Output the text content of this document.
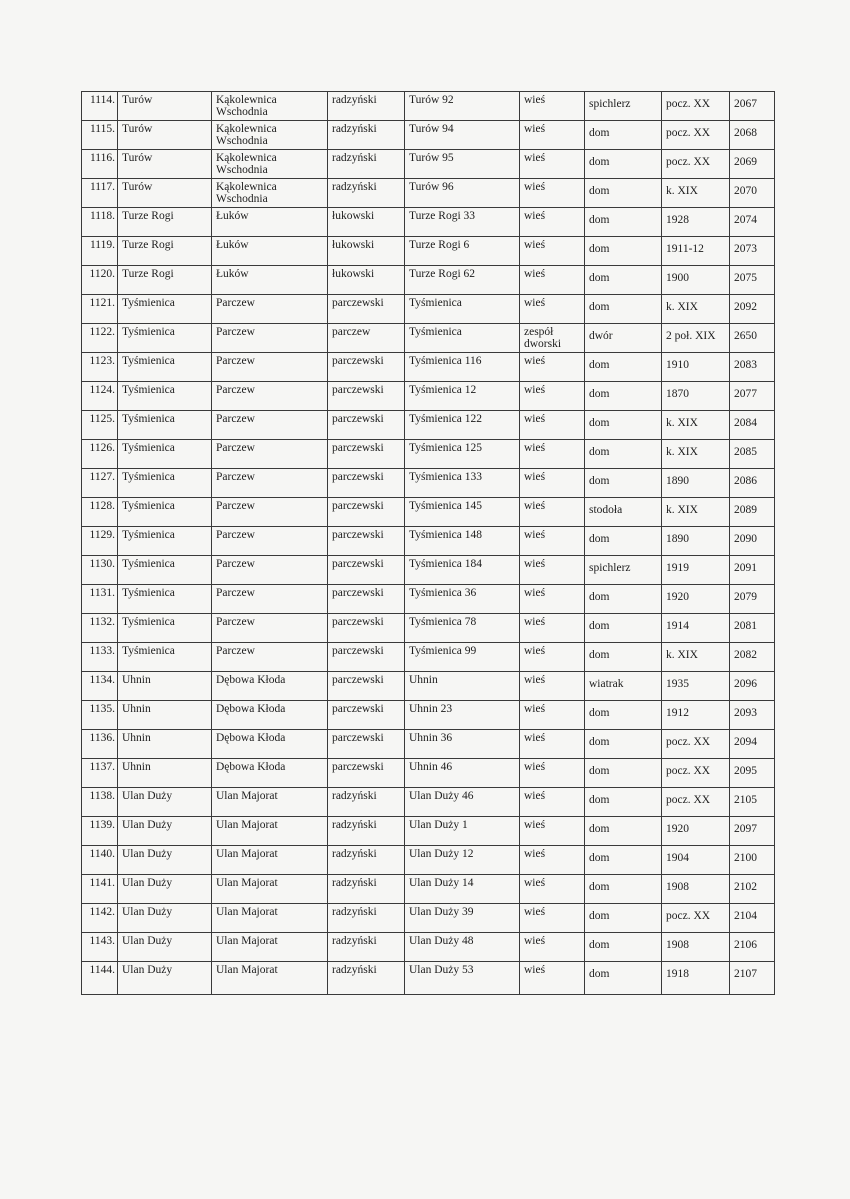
1114.	Turów	Kąkolewnica Wschodnia	radzyński	Turów 92	wieś	spichlerz	pocz. XX	2067
1115.	Turów	Kąkolewnica Wschodnia	radzyński	Turów 94	wieś	dom	pocz. XX	2068
1116.	Turów	Kąkolewnica Wschodnia	radzyński	Turów 95	wieś	dom	pocz. XX	2069
1117.	Turów	Kąkolewnica Wschodnia	radzyński	Turów 96	wieś	dom	k. XIX	2070
1118.	Turze Rogi	Łuków	łukowski	Turze Rogi 33	wieś	dom	1928	2074
1119.	Turze Rogi	Łuków	łukowski	Turze Rogi 6	wieś	dom	1911-12	2073
1120.	Turze Rogi	Łuków	łukowski	Turze Rogi 62	wieś	dom	1900	2075
1121.	Tyśmienica	Parczew	parczewski	Tyśmienica	wieś	dom	k. XIX	2092
1122.	Tyśmienica	Parczew	parczew	Tyśmienica	zespół dworski	dwór	2 poł. XIX	2650
1123.	Tyśmienica	Parczew	parczewski	Tyśmienica 116	wieś	dom	1910	2083
1124.	Tyśmienica	Parczew	parczewski	Tyśmienica 12	wieś	dom	1870	2077
1125.	Tyśmienica	Parczew	parczewski	Tyśmienica 122	wieś	dom	k. XIX	2084
1126.	Tyśmienica	Parczew	parczewski	Tyśmienica 125	wieś	dom	k. XIX	2085
1127.	Tyśmienica	Parczew	parczewski	Tyśmienica 133	wieś	dom	1890	2086
1128.	Tyśmienica	Parczew	parczewski	Tyśmienica 145	wieś	stodoła	k. XIX	2089
1129.	Tyśmienica	Parczew	parczewski	Tyśmienica 148	wieś	dom	1890	2090
1130.	Tyśmienica	Parczew	parczewski	Tyśmienica 184	wieś	spichlerz	1919	2091
1131.	Tyśmienica	Parczew	parczewski	Tyśmienica 36	wieś	dom	1920	2079
1132.	Tyśmienica	Parczew	parczewski	Tyśmienica 78	wieś	dom	1914	2081
1133.	Tyśmienica	Parczew	parczewski	Tyśmienica 99	wieś	dom	k. XIX	2082
1134.	Uhnin	Dębowa Kłoda	parczewski	Uhnin	wieś	wiatrak	1935	2096
1135.	Uhnin	Dębowa Kłoda	parczewski	Uhnin 23	wieś	dom	1912	2093
1136.	Uhnin	Dębowa Kłoda	parczewski	Uhnin 36	wieś	dom	pocz. XX	2094
1137.	Uhnin	Dębowa Kłoda	parczewski	Uhnin 46	wieś	dom	pocz. XX	2095
1138.	Ulan Duży	Ulan Majorat	radzyński	Ulan Duży 46	wieś	dom	pocz. XX	2105
1139.	Ulan Duży	Ulan Majorat	radzyński	Ulan Duży 1	wieś	dom	1920	2097
1140.	Ulan Duży	Ulan Majorat	radzyński	Ulan Duży 12	wieś	dom	1904	2100
1141.	Ulan Duży	Ulan Majorat	radzyński	Ulan Duży 14	wieś	dom	1908	2102
1142.	Ulan Duży	Ulan Majorat	radzyński	Ulan Duży 39	wieś	dom	pocz. XX	2104
1143.	Ulan Duży	Ulan Majorat	radzyński	Ulan Duży 48	wieś	dom	1908	2106
1144.	Ulan Duży	Ulan Majorat	radzyński	Ulan Duży 53	wieś	dom	1918	2107
